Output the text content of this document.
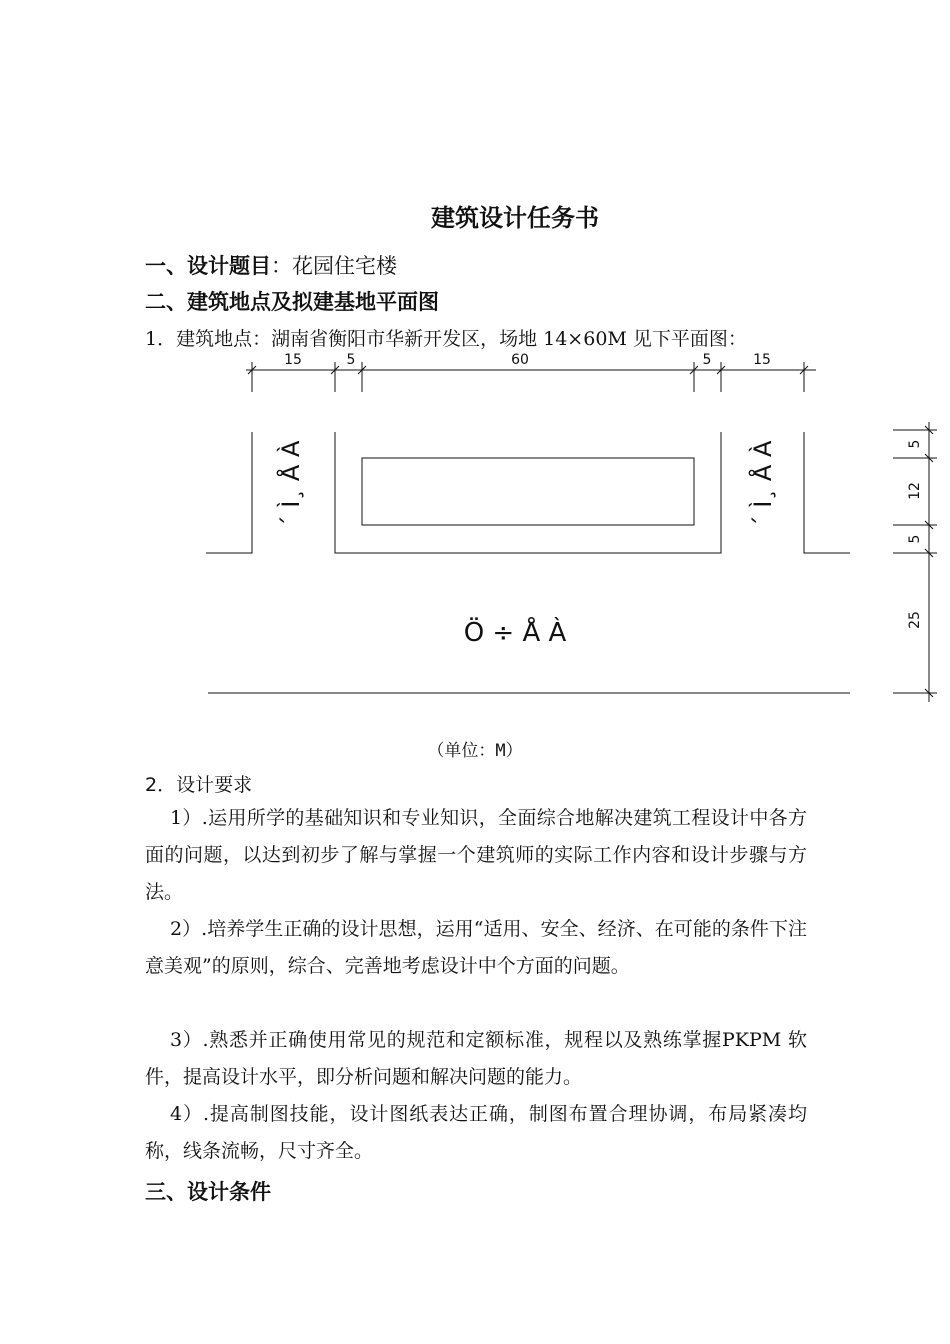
建筑设计任务书
一、设计题目：花园住宅楼
二、建筑地点及拟建基地平面图
1．建筑地点：湖南省衡阳市华新开发区，场地 14×60M 见下平面图：
15	5	60	5	15
5
12
5
25
´ Ì¸ Å À	´ Ì¸ Å À
Ö ÷ Å À
（单位：M）
2．设计要求
1）.运用所学的基础知识和专业知识，全面综合地解决建筑工程设计中各方面的问题，以达到初步了解与掌握一个建筑师的实际工作内容和设计步骤与方法。
2）.培养学生正确的设计思想，运用“适用、安全、经济、在可能的条件下注意美观”的原则，综合、完善地考虑设计中个方面的问题。
3）.熟悉并正确使用常见的规范和定额标准，规程以及熟练掌握PKPM 软件，提高设计水平，即分析问题和解决问题的能力。
4）.提高制图技能，设计图纸表达正确，制图布置合理协调，布局紧凑均称，线条流畅，尺寸齐全。
三、设计条件
